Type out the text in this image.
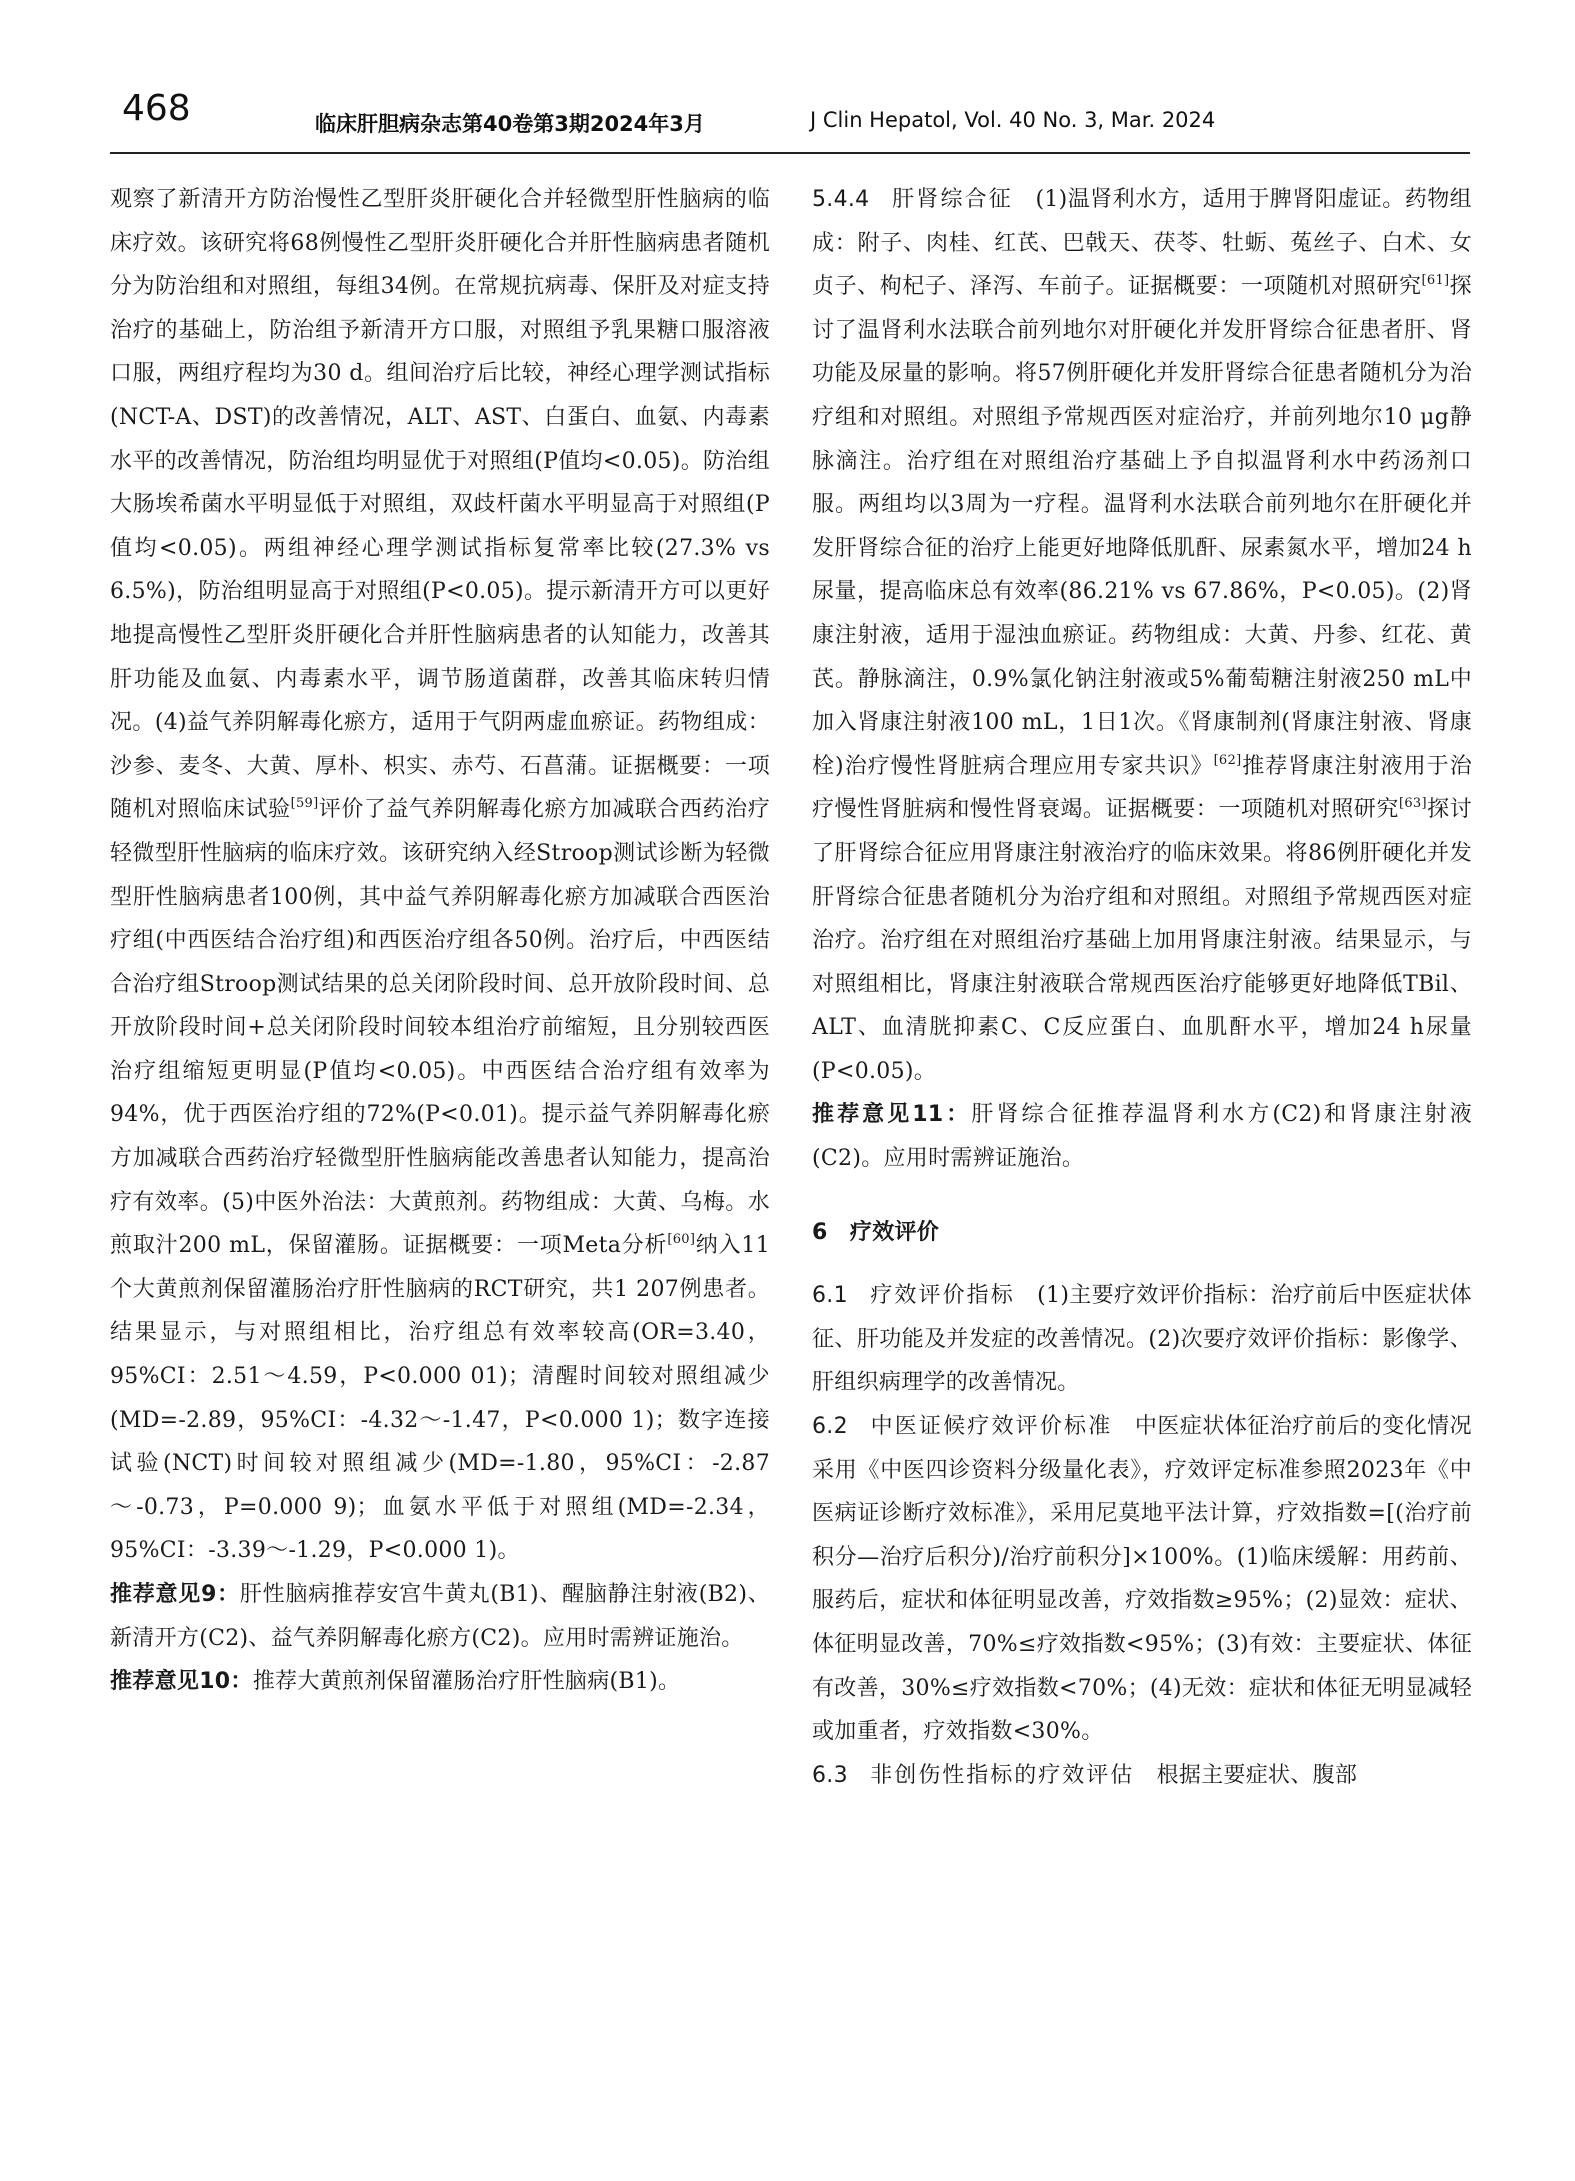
468	临床肝胆病杂志第40卷第3期2024年3月	J Clin Hepatol, Vol. 40 No. 3, Mar. 2024

观察了新清开方防治慢性乙型肝炎肝硬化合并轻微型肝性脑病的临床疗效。该研究将68例慢性乙型肝炎肝硬化合并肝性脑病患者随机分为防治组和对照组，每组34例。在常规抗病毒、保肝及对症支持治疗的基础上，防治组予新清开方口服，对照组予乳果糖口服溶液口服，两组疗程均为30 d。组间治疗后比较，神经心理学测试指标(NCT-A、DST)的改善情况，ALT、AST、白蛋白、血氨、内毒素水平的改善情况，防治组均明显优于对照组(P值均<0.05)。防治组大肠埃希菌水平明显低于对照组，双歧杆菌水平明显高于对照组(P值均<0.05)。两组神经心理学测试指标复常率比较(27.3% vs 6.5%)，防治组明显高于对照组(P<0.05)。提示新清开方可以更好地提高慢性乙型肝炎肝硬化合并肝性脑病患者的认知能力，改善其肝功能及血氨、内毒素水平，调节肠道菌群，改善其临床转归情况。(4)益气养阴解毒化瘀方，适用于气阴两虚血瘀证。药物组成：沙参、麦冬、大黄、厚朴、枳实、赤芍、石菖蒲。证据概要：一项随机对照临床试验[59]评价了益气养阴解毒化瘀方加减联合西药治疗轻微型肝性脑病的临床疗效。该研究纳入经Stroop测试诊断为轻微型肝性脑病患者100例，其中益气养阴解毒化瘀方加减联合西医治疗组(中西医结合治疗组)和西医治疗组各50例。治疗后，中西医结合治疗组Stroop测试结果的总关闭阶段时间、总开放阶段时间、总开放阶段时间+总关闭阶段时间较本组治疗前缩短，且分别较西医治疗组缩短更明显(P值均<0.05)。中西医结合治疗组有效率为94%，优于西医治疗组的72%(P<0.01)。提示益气养阴解毒化瘀方加减联合西药治疗轻微型肝性脑病能改善患者认知能力，提高治疗有效率。(5)中医外治法：大黄煎剂。药物组成：大黄、乌梅。水煎取汁200 mL，保留灌肠。证据概要：一项Meta分析[60]纳入11个大黄煎剂保留灌肠治疗肝性脑病的RCT研究，共1 207例患者。结果显示，与对照组相比，治疗组总有效率较高(OR=3.40，95%CI：2.51～4.59，P<0.000 01)；清醒时间较对照组减少(MD=-2.89，95%CI：-4.32～-1.47，P<0.000 1)；数字连接试验(NCT)时间较对照组减少(MD=-1.80，95%CI：-2.87～-0.73，P=0.000 9)；血氨水平低于对照组(MD=-2.34，95%CI：-3.39～-1.29，P<0.000 1)。

推荐意见9：肝性脑病推荐安宫牛黄丸(B1)、醒脑静注射液(B2)、新清开方(C2)、益气养阴解毒化瘀方(C2)。应用时需辨证施治。

推荐意见10：推荐大黄煎剂保留灌肠治疗肝性脑病(B1)。

5.4.4　 肝肾综合征　 (1)温肾利水方，适用于脾肾阳虚证。药物组成：附子、肉桂、红芪、巴戟天、茯苓、牡蛎、菟丝子、白术、女贞子、枸杞子、泽泻、车前子。证据概要：一项随机对照研究[61]探讨了温肾利水法联合前列地尔对肝硬化并发肝肾综合征患者肝、肾功能及尿量的影响。将57例肝硬化并发肝肾综合征患者随机分为治疗组和对照组。对照组予常规西医对症治疗，并前列地尔10 μg静脉滴注。治疗组在对照组治疗基础上予自拟温肾利水中药汤剂口服。两组均以3周为一疗程。温肾利水法联合前列地尔在肝硬化并发肝肾综合征的治疗上能更好地降低肌酐、尿素氮水平，增加24 h尿量，提高临床总有效率(86.21% vs 67.86%，P<0.05)。(2)肾康注射液，适用于湿浊血瘀证。药物组成：大黄、丹参、红花、黄芪。静脉滴注，0.9%氯化钠注射液或5%葡萄糖注射液250 mL中加入肾康注射液100 mL，1日1次。《肾康制剂(肾康注射液、肾康栓)治疗慢性肾脏病合理应用专家共识》[62]推荐肾康注射液用于治疗慢性肾脏病和慢性肾衰竭。证据概要：一项随机对照研究[63]探讨了肝肾综合征应用肾康注射液治疗的临床效果。将86例肝硬化并发肝肾综合征患者随机分为治疗组和对照组。对照组予常规西医对症治疗。治疗组在对照组治疗基础上加用肾康注射液。结果显示，与对照组相比，肾康注射液联合常规西医治疗能够更好地降低TBil、ALT、血清胱抑素C、C反应蛋白、血肌酐水平，增加24 h尿量(P<0.05)。

推荐意见11：肝肾综合征推荐温肾利水方(C2)和肾康注射液(C2)。应用时需辨证施治。

6　疗效评价

6.1　 疗效评价指标　 (1)主要疗效评价指标：治疗前后中医症状体征、肝功能及并发症的改善情况。(2)次要疗效评价指标：影像学、肝组织病理学的改善情况。

6.2　 中医证候疗效评价标准　 中医症状体征治疗前后的变化情况采用《中医四诊资料分级量化表》，疗效评定标准参照2023年《中医病证诊断疗效标准》，采用尼莫地平法计算，疗效指数=[(治疗前积分—治疗后积分)/治疗前积分]×100%。(1)临床缓解：用药前、服药后，症状和体征明显改善，疗效指数≥95%；(2)显效：症状、体征明显改善，70%≤疗效指数<95%；(3)有效：主要症状、体征有改善，30%≤疗效指数<70%；(4)无效：症状和体征无明显减轻或加重者，疗效指数<30%。

6.3　 非创伤性指标的疗效评估　 根据主要症状、腹部
